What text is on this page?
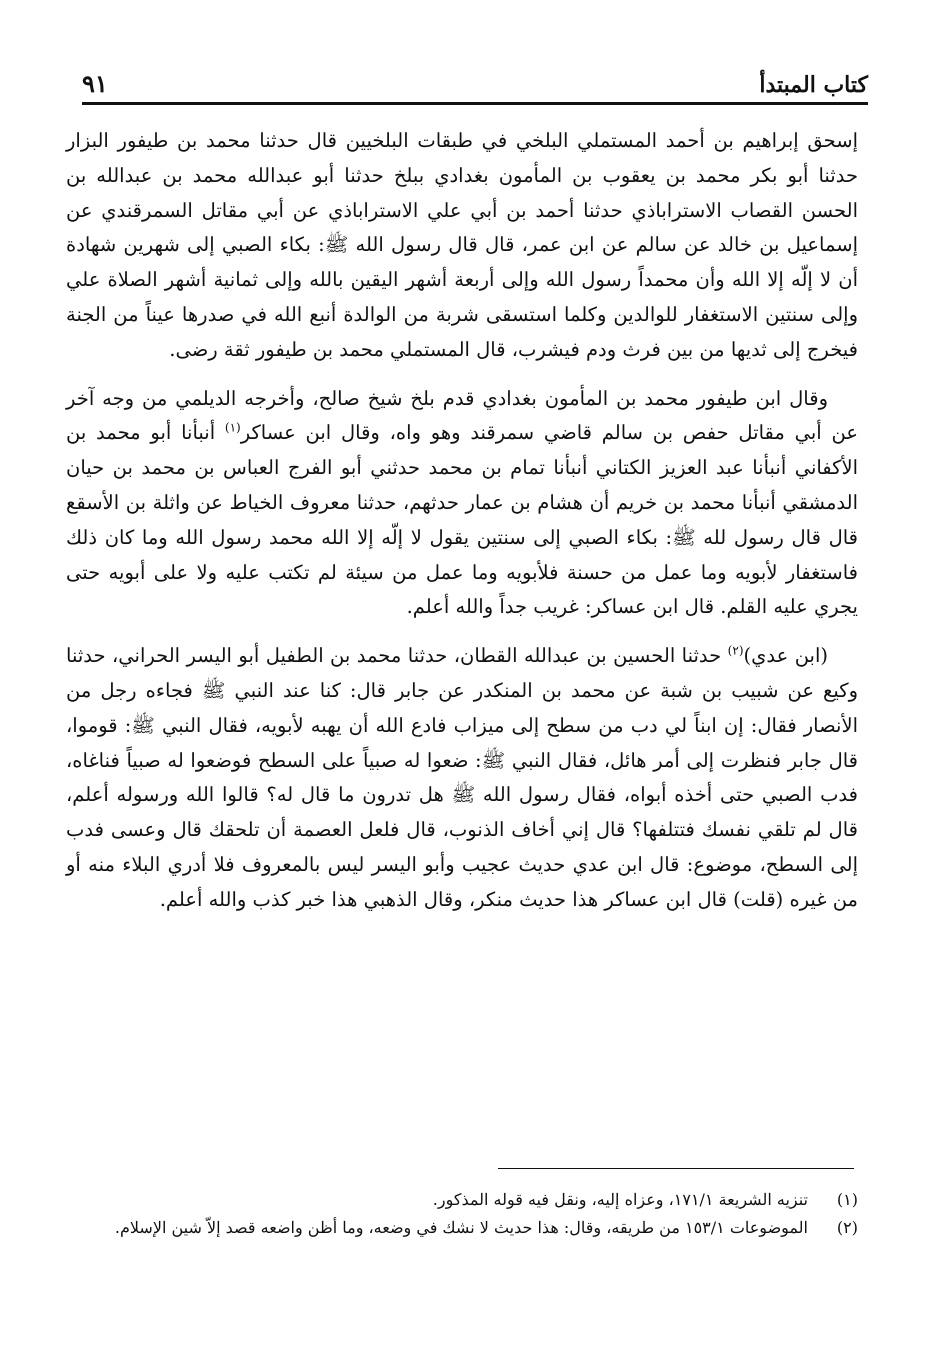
كتاب المبتدأ
٩١

إسحق إبراهيم بن أحمد المستملي البلخي في طبقات البلخيين قال حدثنا محمد بن طيفور البزار حدثنا أبو بكر محمد بن يعقوب بن المأمون بغدادي ببلخ حدثنا أبو عبدالله محمد بن عبدالله بن الحسن القصاب الاستراباذي حدثنا أحمد بن أبي علي الاستراباذي عن أبي مقاتل السمرقندي عن إسماعيل بن خالد عن سالم عن ابن عمر، قال قال رسول الله ﷺ: بكاء الصبي إلى شهرين شهادة أن لا إلّه إلا الله وأن محمداً رسول الله وإلى أربعة أشهر اليقين بالله وإلى ثمانية أشهر الصلاة علي وإلى سنتين الاستغفار للوالدين وكلما استسقى شربة من الوالدة أنبع الله في صدرها عيناً من الجنة فيخرج إلى ثديها من بين فرث ودم فيشرب، قال المستملي محمد بن طيفور ثقة رضى.

وقال ابن طيفور محمد بن المأمون بغدادي قدم بلخ شيخ صالح، وأخرجه الديلمي من وجه آخر عن أبي مقاتل حفص بن سالم قاضي سمرقند وهو واه، وقال ابن عساكر$^{(١)}$ أنبأنا أبو محمد بن الأكفاني أنبأنا عبد العزيز الكتاني أنبأنا تمام بن محمد حدثني أبو الفرج العباس بن محمد بن حيان الدمشقي أنبأنا محمد بن خريم أن هشام بن عمار حدثهم، حدثنا معروف الخياط عن واثلة بن الأسقع قال قال رسول لله ﷺ: بكاء الصبي إلى سنتين يقول لا إلّه إلا الله محمد رسول الله وما كان ذلك فاستغفار لأبويه وما عمل من حسنة فلأبويه وما عمل من سيئة لم تكتب عليه ولا على أبويه حتى يجري عليه القلم. قال ابن عساكر: غريب جداً والله أعلم.

(ابن عدي)$^{(٢)}$ حدثنا الحسين بن عبدالله القطان، حدثنا محمد بن الطفيل أبو اليسر الحراني، حدثنا وكيع عن شبيب بن شبة عن محمد بن المنكدر عن جابر قال: كنا عند النبي ﷺ فجاءه رجل من الأنصار فقال: إن ابناً لي دب من سطح إلى ميزاب فادع الله أن يهبه لأبويه، فقال النبي ﷺ: قوموا، قال جابر فنظرت إلى أمر هائل، فقال النبي ﷺ: ضعوا له صبياً على السطح فوضعوا له صبياً فناغاه، فدب الصبي حتى أخذه أبواه، فقال رسول الله ﷺ هل تدرون ما قال له؟ قالوا الله ورسوله أعلم، قال لم تلقي نفسك فتتلفها؟ قال إني أخاف الذنوب، قال فلعل العصمة أن تلحقك قال وعسى فدب إلى السطح، موضوع: قال ابن عدي حديث عجيب وأبو اليسر ليس بالمعروف فلا أدري البلاء منه أو من غيره (قلت) قال ابن عساكر هذا حديث منكر، وقال الذهبي هذا خبر كذب والله أعلم.

(١)
تنزيه الشريعة ١٧١/١، وعزاه إليه، ونقل فيه قوله المذكور.
(٢)
الموضوعات ١٥٣/١ من طريقه، وقال: هذا حديث لا نشك في وضعه، وما أظن واضعه قصد إلاّ شين الإسلام.
